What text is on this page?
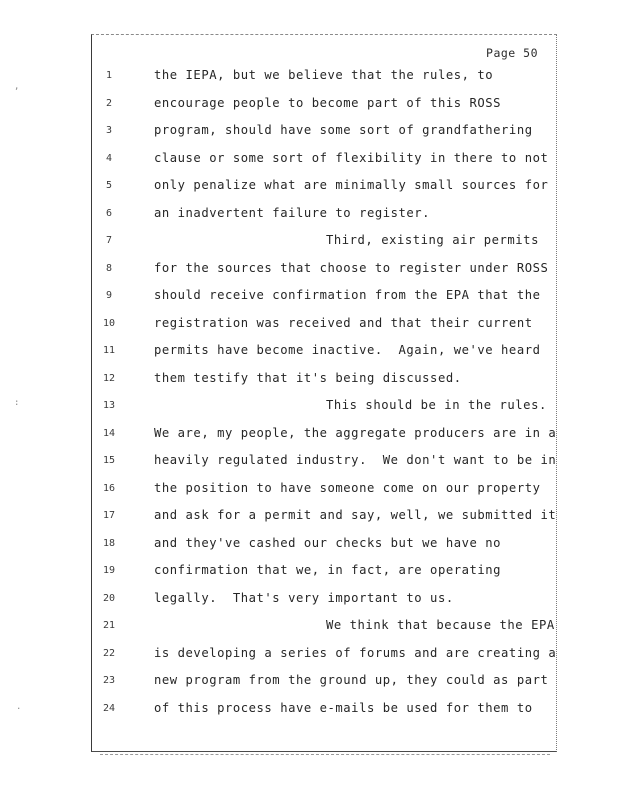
Page 50
1	the IEPA, but we believe that the rules, to
2	encourage people to become part of this ROSS
3	program, should have some sort of grandfathering
4	clause or some sort of flexibility in there to not
5	only penalize what are minimally small sources for
6	an inadvertent failure to register.
7	Third, existing air permits
8	for the sources that choose to register under ROSS
9	should receive confirmation from the EPA that the
10	registration was received and that their current
11	permits have become inactive.  Again, we've heard
12	them testify that it's being discussed.
13	This should be in the rules.
14	We are, my people, the aggregate producers are in a
15	heavily regulated industry.  We don't want to be in
16	the position to have someone come on our property
17	and ask for a permit and say, well, we submitted it
18	and they've cashed our checks but we have no
19	confirmation that we, in fact, are operating
20	legally.  That's very important to us.
21	We think that because the EPA
22	is developing a series of forums and are creating a
23	new program from the ground up, they could as part
24	of this process have e-mails be used for them to
,
:
.
